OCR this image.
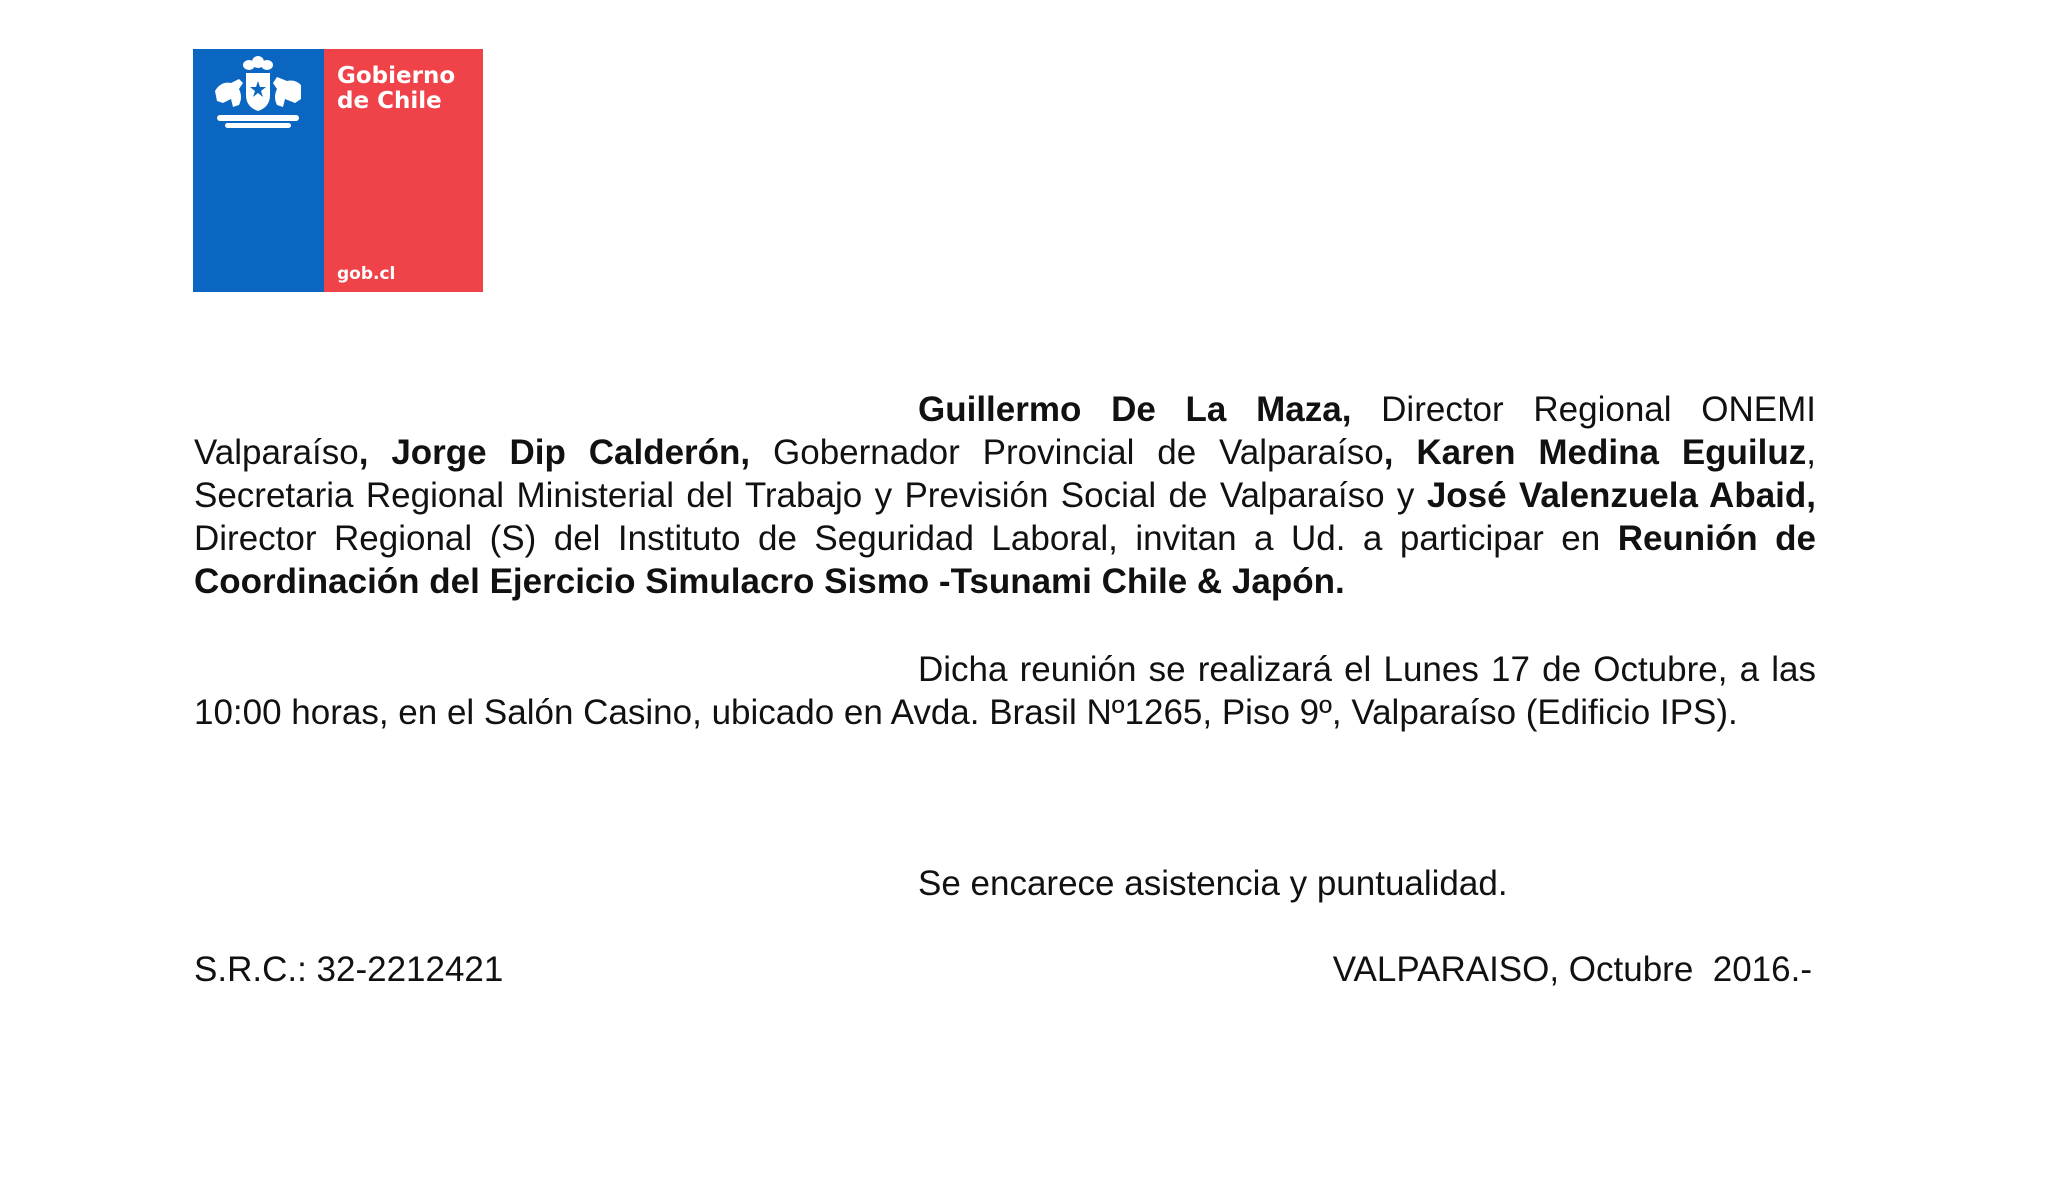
Gobierno
de Chile
gob.cl

Guillermo De La Maza, Director Regional ONEMI Valparaíso, Jorge Dip Calderón, Gobernador Provincial de Valparaíso, Karen Medina Eguiluz, Secretaria Regional Ministerial del Trabajo y Previsión Social de Valparaíso y José Valenzuela Abaid, Director Regional (S) del Instituto de Seguridad Laboral, invitan a Ud. a participar en Reunión de Coordinación del Ejercicio Simulacro Sismo -Tsunami Chile & Japón.

Dicha reunión se realizará el Lunes 17 de Octubre, a las 10:00 horas, en el Salón Casino, ubicado en Avda. Brasil Nº1265, Piso 9º, Valparaíso (Edificio IPS).

Se encarece asistencia y puntualidad.

S.R.C.: 32-2212421	VALPARAISO, Octubre  2016.-
